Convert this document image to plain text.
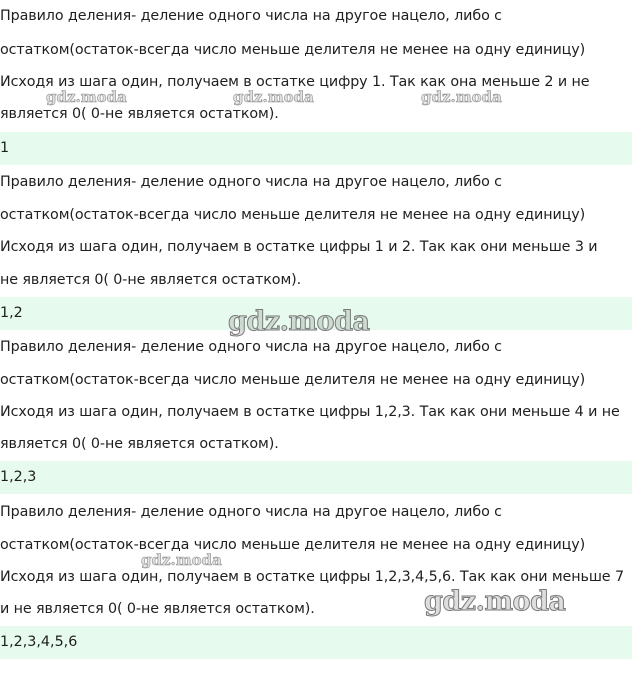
Правило деления- деление одного числа на другое нацело, либо с
остатком(остаток-всегда число меньше делителя не менее на одну единицу)
Исходя из шага один, получаем в остатке цифру 1. Так как она меньше 2 и не
является 0( 0-не является остатком).
1
Правило деления- деление одного числа на другое нацело, либо с
остатком(остаток-всегда число меньше делителя не менее на одну единицу)
Исходя из шага один, получаем в остатке цифры 1 и 2. Так как они меньше 3 и
не является 0( 0-не является остатком).
1,2
Правило деления- деление одного числа на другое нацело, либо с
остатком(остаток-всегда число меньше делителя не менее на одну единицу)
Исходя из шага один, получаем в остатке цифры 1,2,3. Так как они меньше 4 и не
является 0( 0-не является остатком).
1,2,3
Правило деления- деление одного числа на другое нацело, либо с
остатком(остаток-всегда число меньше делителя не менее на одну единицу)
Исходя из шага один, получаем в остатке цифры 1,2,3,4,5,6. Так как они меньше 7
и не является 0( 0-не является остатком).
1,2,3,4,5,6
gdz.moda	gdz.moda	gdz.moda
gdz.moda
gdz.moda
gdz.moda
